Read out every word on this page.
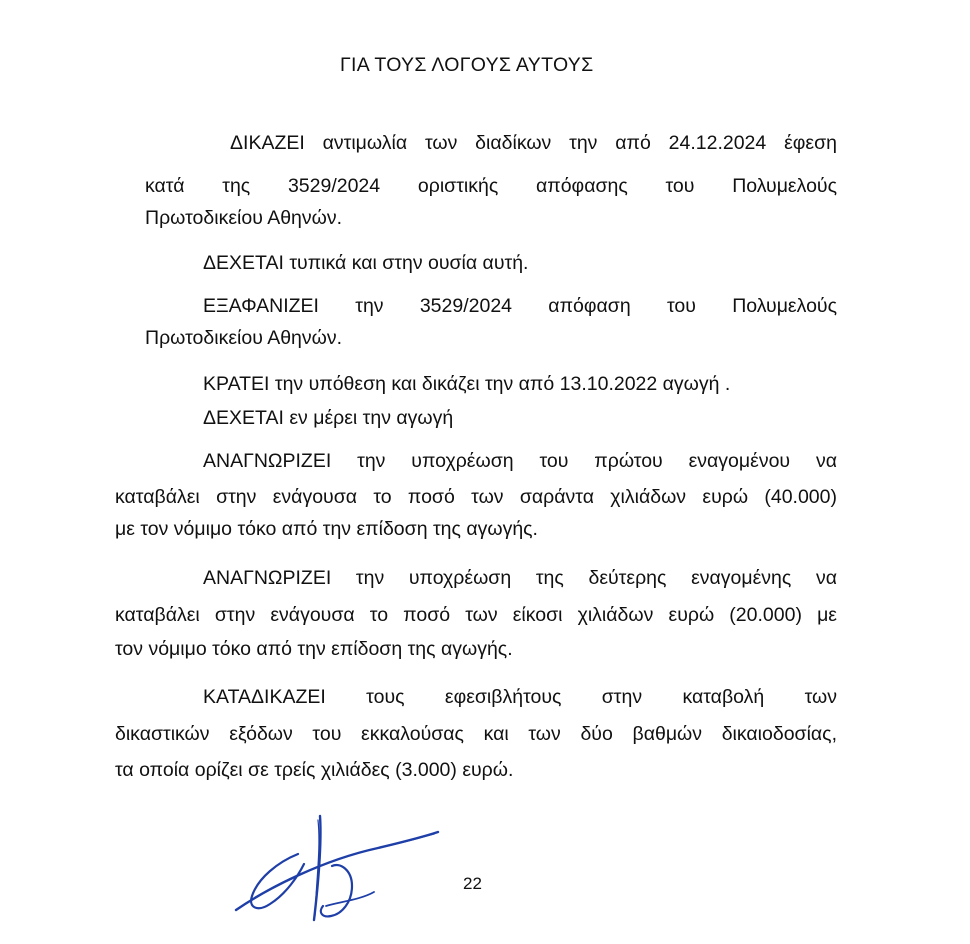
ΓΙΑ ΤΟΥΣ ΛΟΓΟΥΣ ΑΥΤΟΥΣ
ΔΙΚΑΖΕΙ αντιμωλία των διαδίκων την από 24.12.2024 έφεση
κατά της 3529/2024 οριστικής απόφασης του Πολυμελούς
Πρωτοδικείου Αθηνών.
ΔΕΧΕΤΑΙ τυπικά και στην ουσία αυτή.
ΕΞΑΦΑΝΙΖΕΙ την 3529/2024 απόφαση του Πολυμελούς
Πρωτοδικείου Αθηνών.
ΚΡΑΤΕΙ την υπόθεση και δικάζει την από 13.10.2022 αγωγή .
ΔΕΧΕΤΑΙ εν μέρει την αγωγή
ΑΝΑΓΝΩΡΙΖΕΙ την υποχρέωση του πρώτου εναγομένου να
καταβάλει στην ενάγουσα το ποσό των σαράντα χιλιάδων ευρώ (40.000)
με τον νόμιμο τόκο από την επίδοση της αγωγής.
ΑΝΑΓΝΩΡΙΖΕΙ την υποχρέωση της δεύτερης εναγομένης να
καταβάλει στην ενάγουσα το ποσό των είκοσι χιλιάδων ευρώ (20.000) με
τον νόμιμο τόκο από την επίδοση της αγωγής.
ΚΑΤΑΔΙΚΑΖΕΙ τους εφεσιβλήτους στην καταβολή των
δικαστικών εξόδων του εκκαλούσας και των δύο βαθμών δικαιοδοσίας,
τα οποία ορίζει σε τρείς χιλιάδες (3.000) ευρώ.
22
